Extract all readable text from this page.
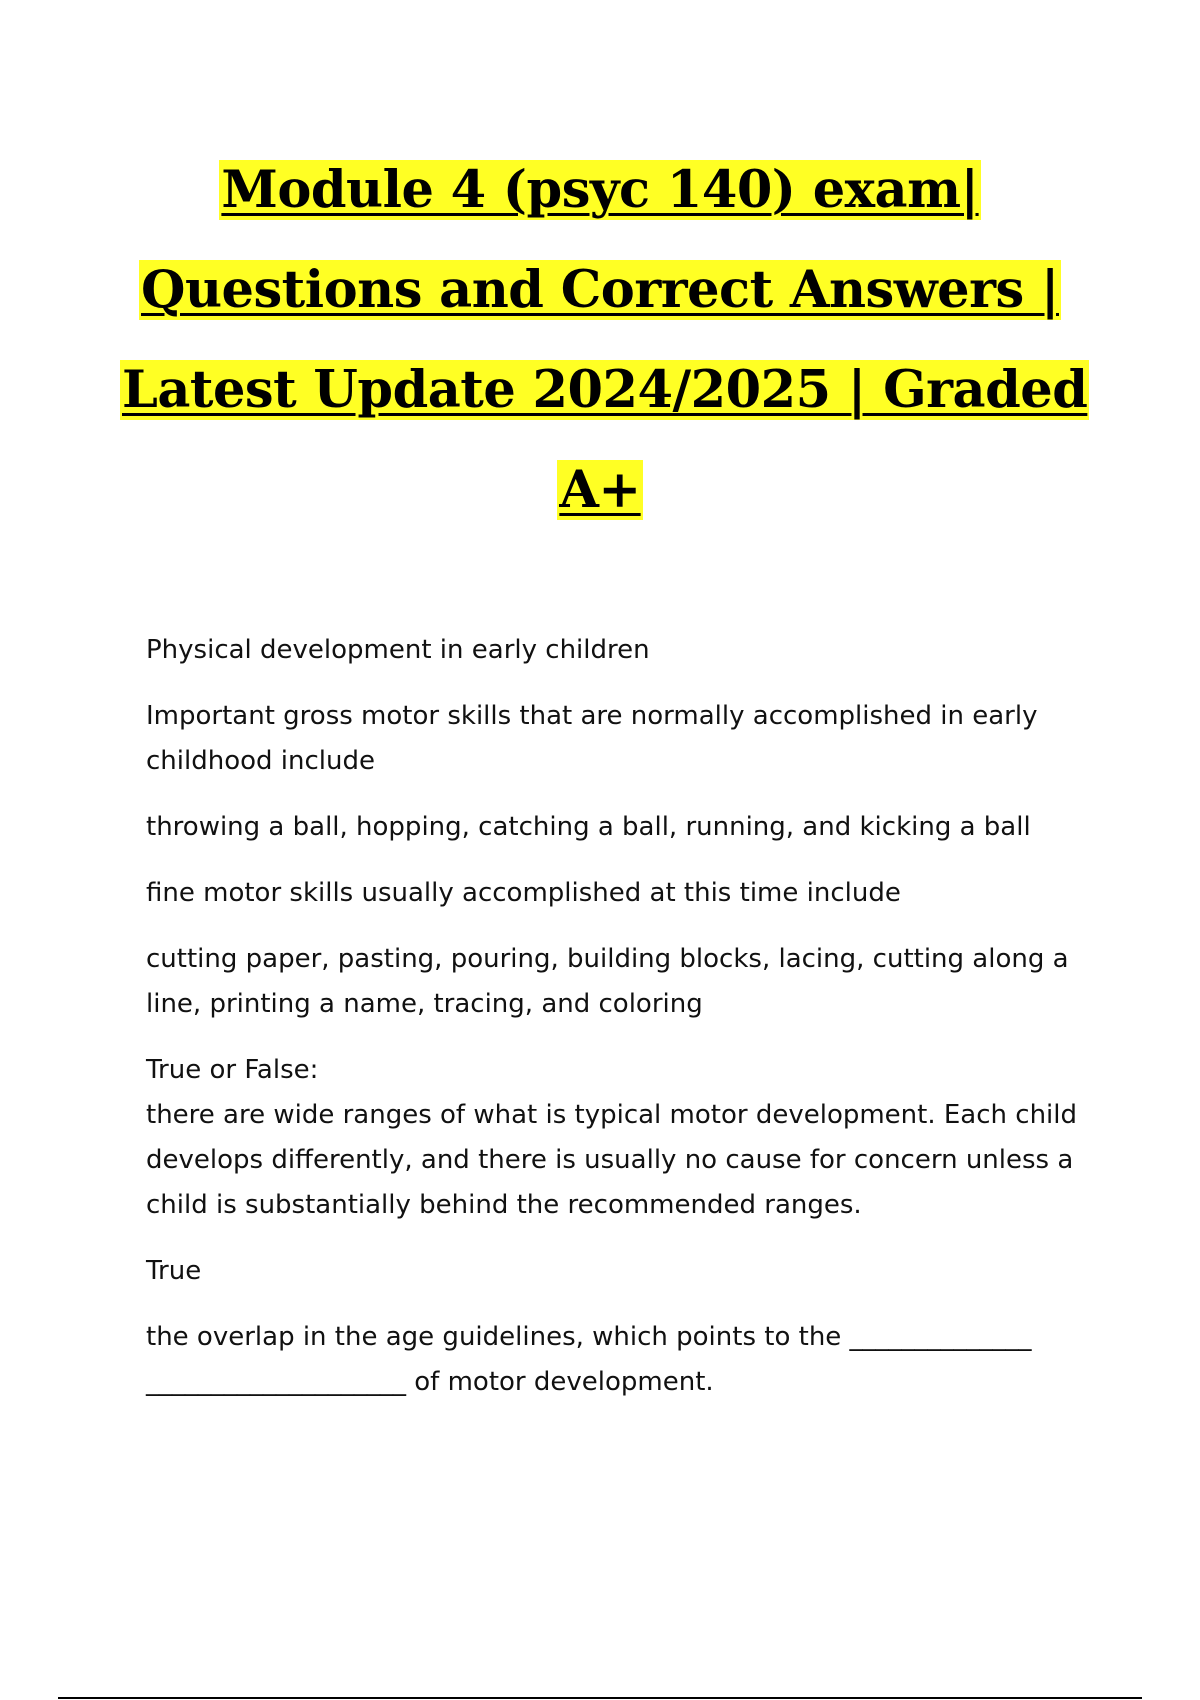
Module 4 (psyc 140) exam|
Questions and Correct Answers |
Latest Update 2024/2025 | Graded
A+

Physical development in early children

Important gross motor skills that are normally accomplished in early
childhood include

throwing a ball, hopping, catching a ball, running, and kicking a ball

fine motor skills usually accomplished at this time include

cutting paper, pasting, pouring, building blocks, lacing, cutting along a
line, printing a name, tracing, and coloring

True or False:
there are wide ranges of what is typical motor development. Each child
develops differently, and there is usually no cause for concern unless a
child is substantially behind the recommended ranges.

True

the overlap in the age guidelines, which points to the ______________
____________________ of motor development.
